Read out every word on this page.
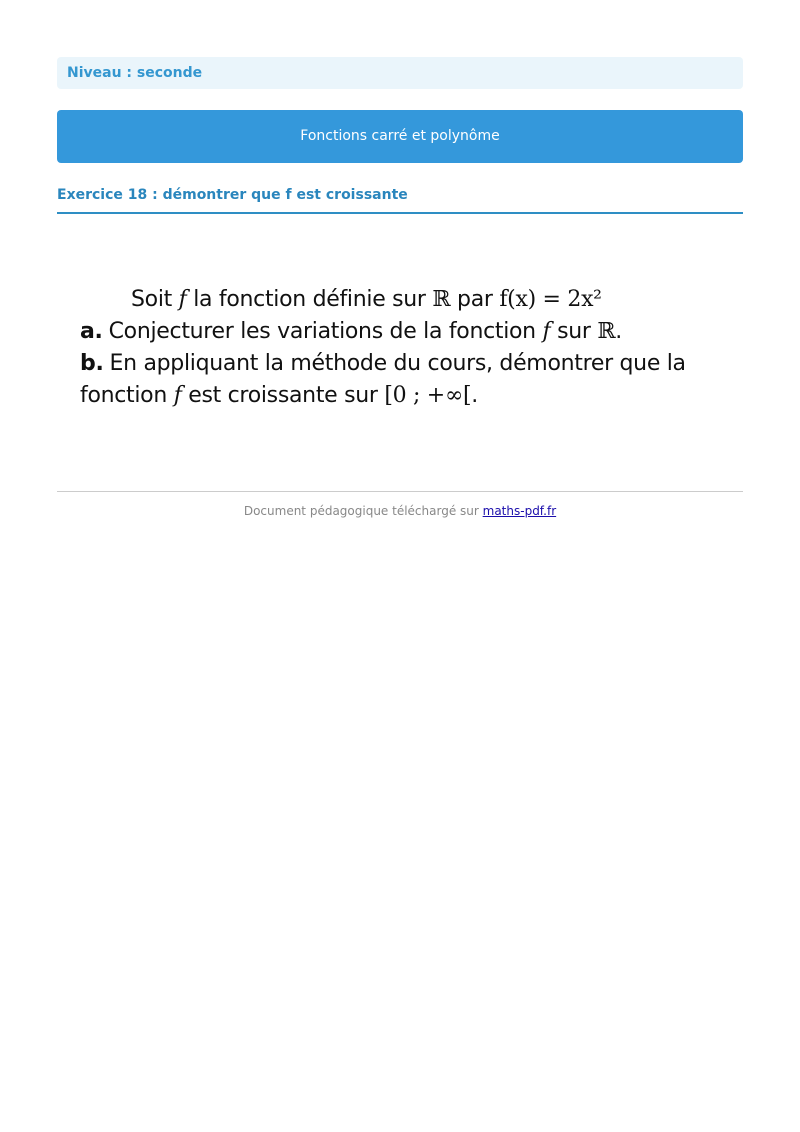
Niveau : seconde
Fonctions carré et polynôme
Exercice 18 : démontrer que f est croissante

Soit f la fonction définie sur ℝ par f(x) = 2x²

a. Conjecturer les variations de la fonction f sur ℝ.

b. En appliquant la méthode du cours, démontrer que la

fonction f est croissante sur [0 ; +∞[.

Document pédagogique téléchargé sur maths-pdf.fr
